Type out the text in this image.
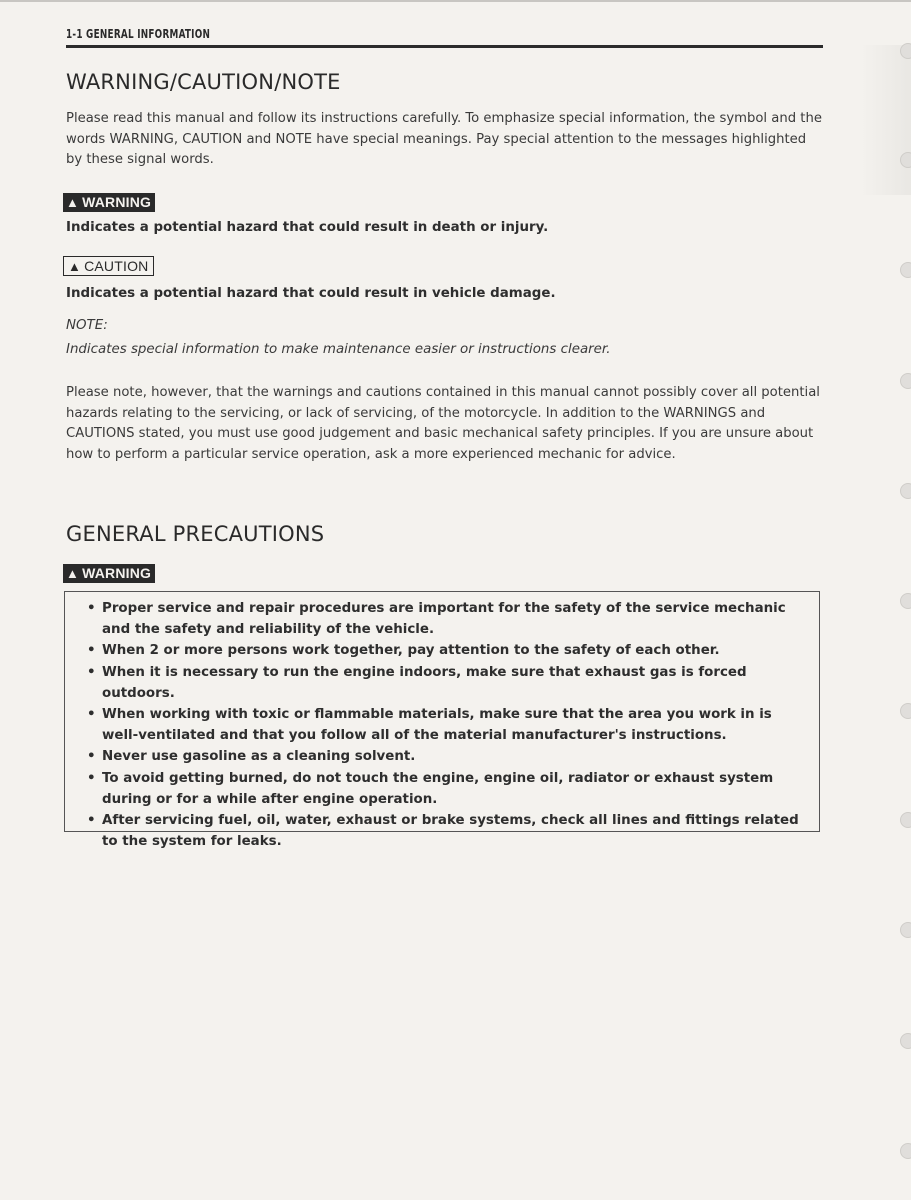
1-1 GENERAL INFORMATION
WARNING/CAUTION/NOTE

Please read this manual and follow its instructions carefully. To emphasize special information, the symbol and the words WARNING, CAUTION and NOTE have special meanings. Pay special attention to the messages highlighted by these signal words.

▲ WARNING

Indicates a potential hazard that could result in death or injury.

▲ CAUTION

Indicates a potential hazard that could result in vehicle damage.

NOTE:

Indicates special information to make maintenance easier or instructions clearer.

Please note, however, that the warnings and cautions contained in this manual cannot possibly cover all potential hazards relating to the servicing, or lack of servicing, of the motorcycle. In addition to the WARNINGS and CAUTIONS stated, you must use good judgement and basic mechanical safety principles. If you are unsure about how to perform a particular service operation, ask a more experienced mechanic for advice.

GENERAL PRECAUTIONS
▲ WARNING
• Proper service and repair procedures are important for the safety of the service mechanic and the safety and reliability of the vehicle.
• When 2 or more persons work together, pay attention to the safety of each other.
• When it is necessary to run the engine indoors, make sure that exhaust gas is forced outdoors.
• When working with toxic or flammable materials, make sure that the area you work in is well-ventilated and that you follow all of the material manufacturer's instructions.
• Never use gasoline as a cleaning solvent.
• To avoid getting burned, do not touch the engine, engine oil, radiator or exhaust system during or for a while after engine operation.
• After servicing fuel, oil, water, exhaust or brake systems, check all lines and fittings related to the system for leaks.
